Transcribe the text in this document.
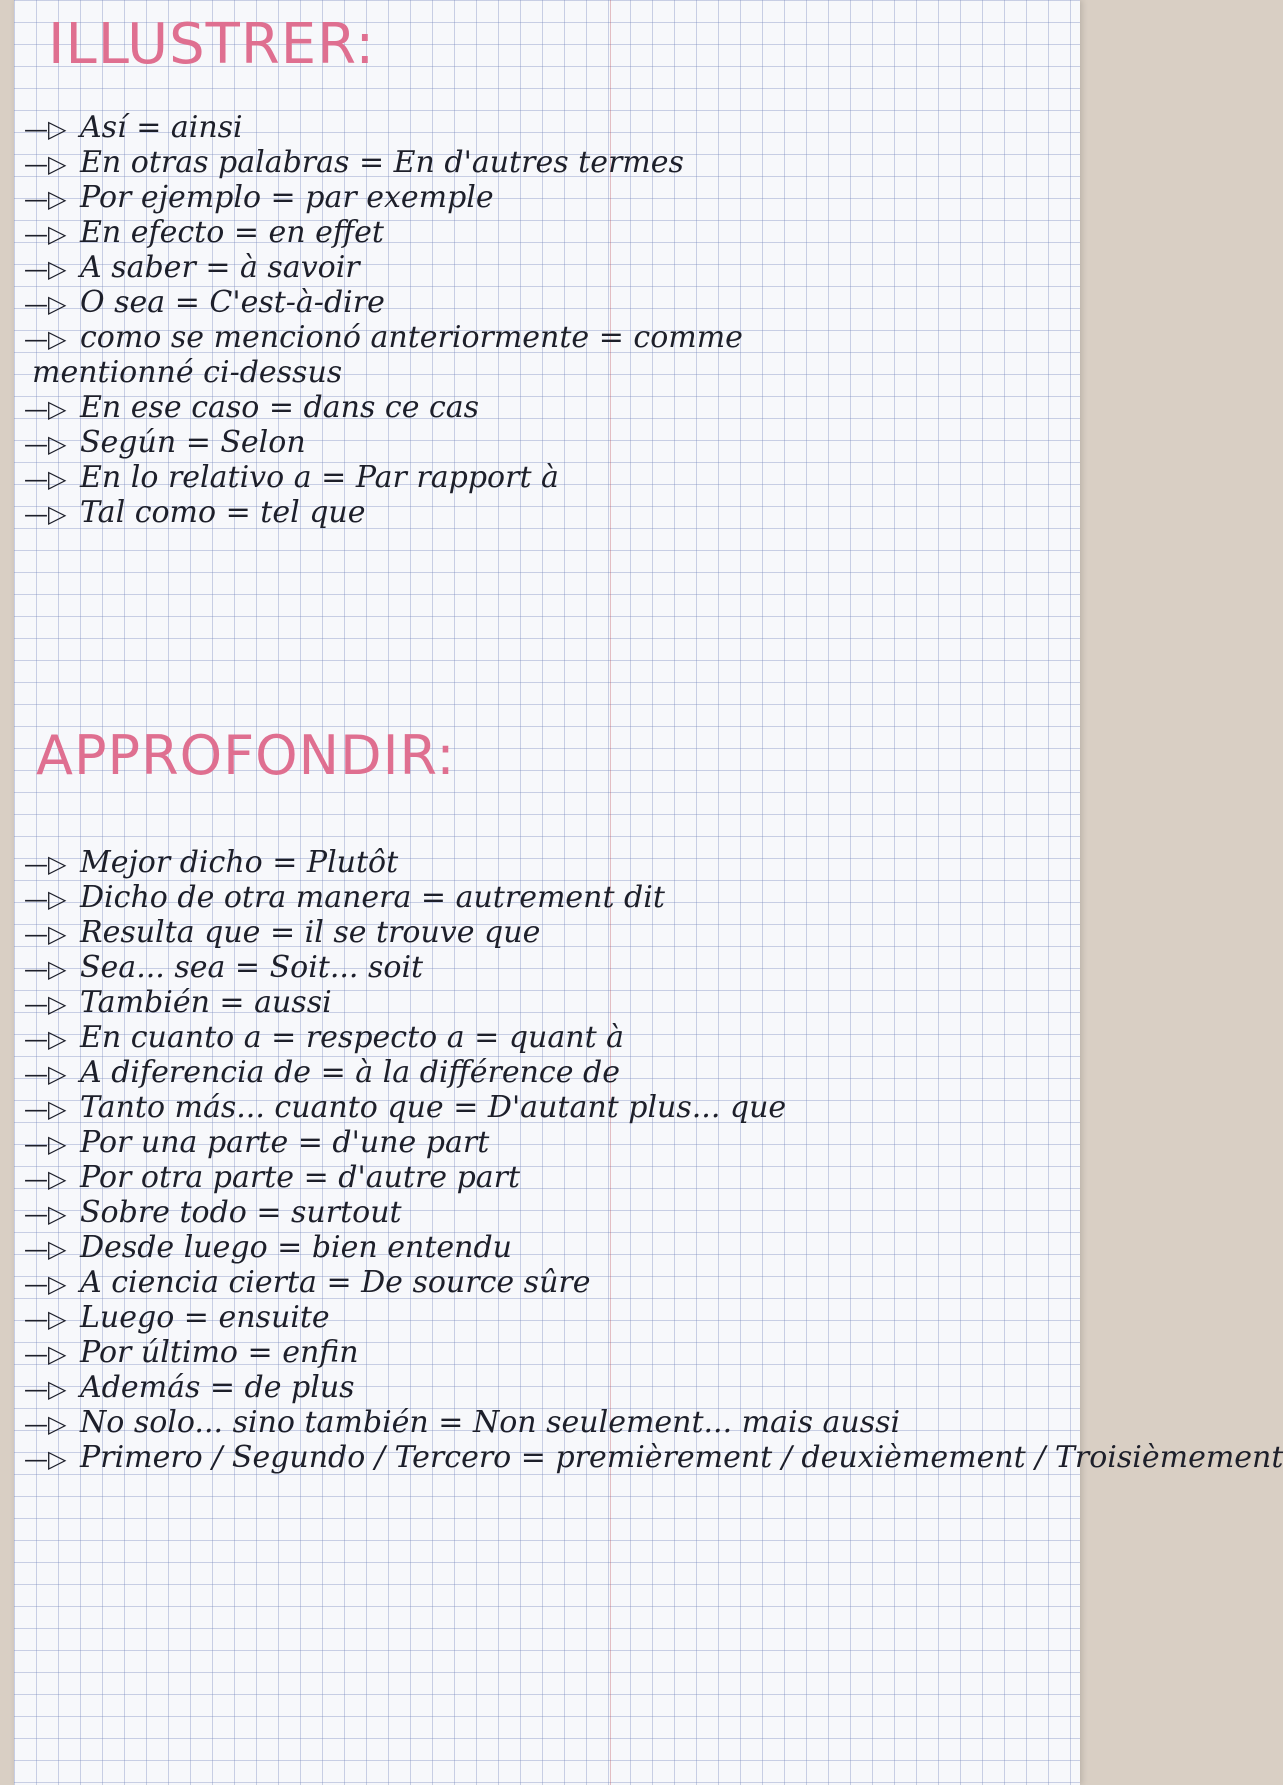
ILLUSTRER:
—▷ Así = ainsi
—▷ En otras palabras = En d'autres termes
—▷ Por ejemplo = par exemple
—▷ En efecto = en effet
—▷ A saber = à savoir
—▷ O sea = C'est-à-dire
—▷ como se mencionó anteriormente = comme
mentionné ci-dessus
—▷ En ese caso = dans ce cas
—▷ Según = Selon
—▷ En lo relativo a = Par rapport à
—▷ Tal como = tel que
APPROFONDIR:
—▷ Mejor dicho = Plutôt
—▷ Dicho de otra manera = autrement dit
—▷ Resulta que = il se trouve que
—▷ Sea... sea = Soit... soit
—▷ También = aussi
—▷ En cuanto a = respecto a = quant à
—▷ A diferencia de = à la différence de
—▷ Tanto más... cuanto que = D'autant plus... que
—▷ Por una parte = d'une part
—▷ Por otra parte = d'autre part
—▷ Sobre todo = surtout
—▷ Desde luego = bien entendu
—▷ A ciencia cierta = De source sûre
—▷ Luego = ensuite
—▷ Por último = enfin
—▷ Además = de plus
—▷ No solo... sino también = Non seulement... mais aussi
—▷ Primero / Segundo / Tercero = premièrement / deuxièmement / Troisièmement
